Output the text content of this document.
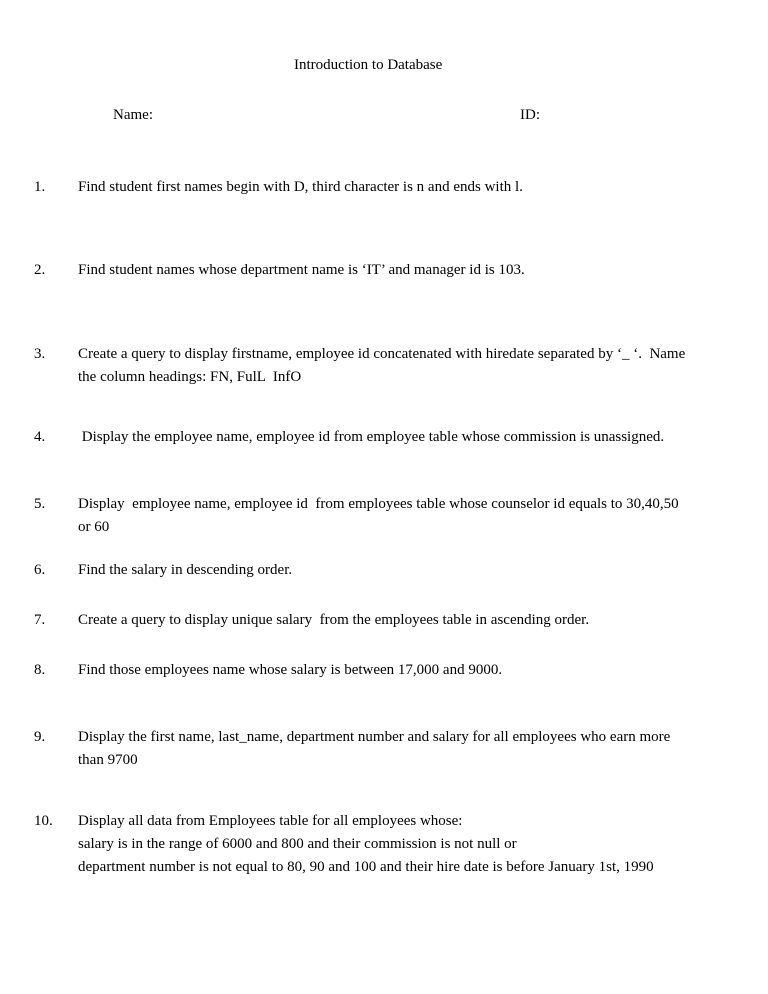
Introduction to Database
Name:	ID:
1. Find student first names begin with D, third character is n and ends with l.
2. Find student names whose department name is ‘IT’ and manager id is 103.
3. Create a query to display firstname, employee id concatenated with hiredate separated by ‘_ ‘.  Name
the column headings: FN, FulL  InfO
4. Display the employee name, employee id from employee table whose commission is unassigned.
5. Display  employee name, employee id  from employees table whose counselor id equals to 30,40,50
or 60
6. Find the salary in descending order.
7. Create a query to display unique salary  from the employees table in ascending order.
8. Find those employees name whose salary is between 17,000 and 9000.
9. Display the first name, last_name, department number and salary for all employees who earn more
than 9700
10. Display all data from Employees table for all employees whose:
salary is in the range of 6000 and 800 and their commission is not null or
department number is not equal to 80, 90 and 100 and their hire date is before January 1st, 1990
